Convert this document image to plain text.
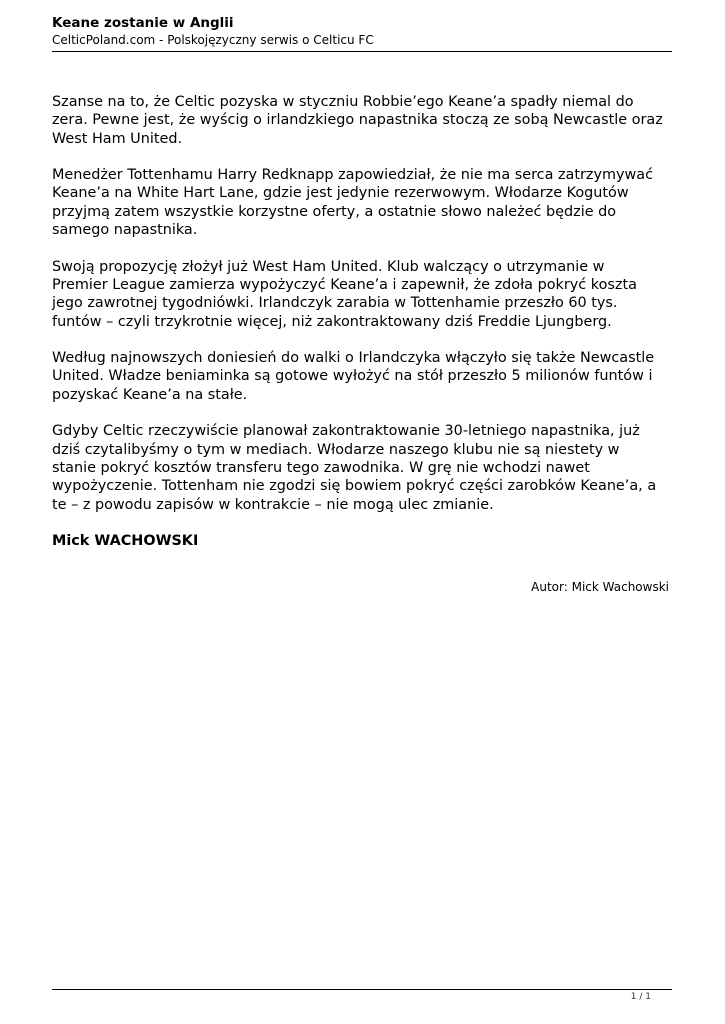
Keane zostanie w Anglii
CelticPoland.com - Polskojęzyczny serwis o Celticu FC

Szanse na to, że Celtic pozyska w styczniu Robbie’ego Keane’a spadły niemal do
zera. Pewne jest, że wyścig o irlandzkiego napastnika stoczą ze sobą Newcastle oraz
West Ham United.

Menedżer Tottenhamu Harry Redknapp zapowiedział, że nie ma serca zatrzymywać
Keane’a na White Hart Lane, gdzie jest jedynie rezerwowym. Włodarze Kogutów
przyjmą zatem wszystkie korzystne oferty, a ostatnie słowo należeć będzie do
samego napastnika.

Swoją propozycję złożył już West Ham United. Klub walczący o utrzymanie w
Premier League zamierza wypożyczyć Keane’a i zapewnił, że zdoła pokryć koszta
jego zawrotnej tygodniówki. Irlandczyk zarabia w Tottenhamie przeszło 60 tys.
funtów – czyli trzykrotnie więcej, niż zakontraktowany dziś Freddie Ljungberg.

Według najnowszych doniesień do walki o Irlandczyka włączyło się także Newcastle
United. Władze beniaminka są gotowe wyłożyć na stół przeszło 5 milionów funtów i
pozyskać Keane’a na stałe.

Gdyby Celtic rzeczywiście planował zakontraktowanie 30-letniego napastnika, już
dziś czytalibyśmy o tym w mediach. Włodarze naszego klubu nie są niestety w
stanie pokryć kosztów transferu tego zawodnika. W grę nie wchodzi nawet
wypożyczenie. Tottenham nie zgodzi się bowiem pokryć części zarobków Keane’a, a
te – z powodu zapisów w kontrakcie – nie mogą ulec zmianie.

Mick WACHOWSKI

Autor: Mick Wachowski
1 / 1
